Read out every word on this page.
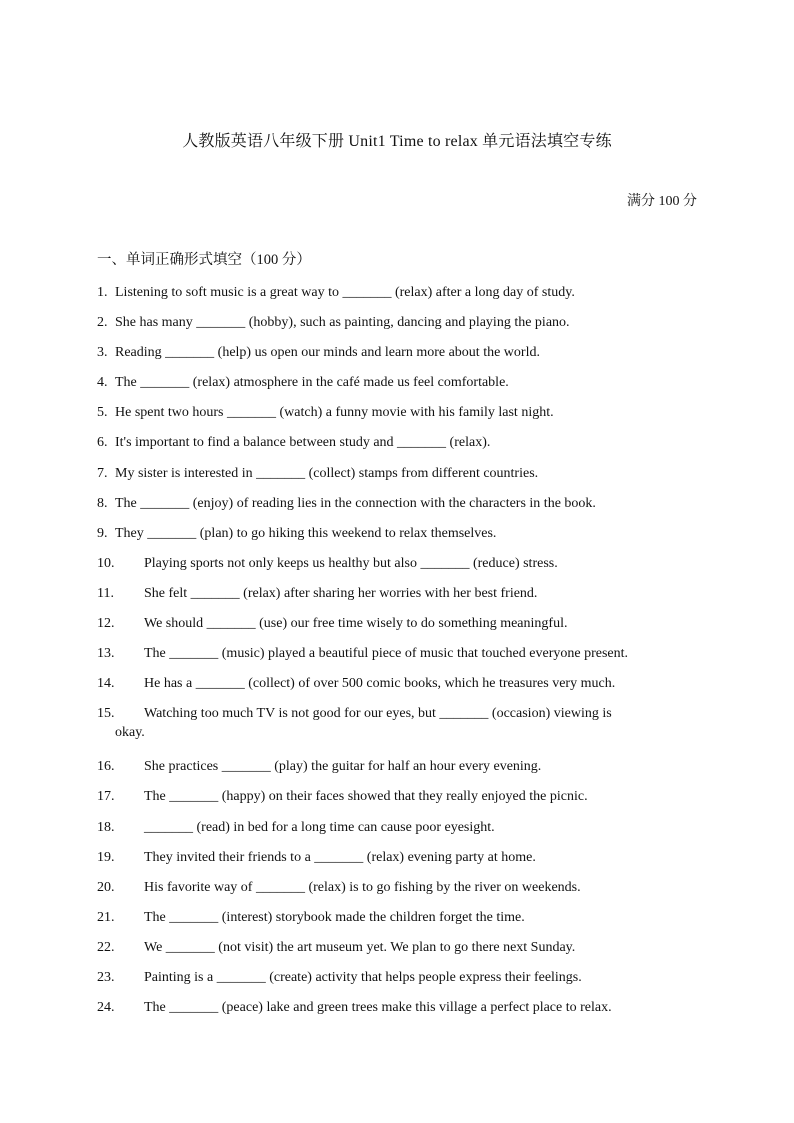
人教版英语八年级下册 Unit1 Time to relax 单元语法填空专练
满分 100 分
一、单词正确形式填空（100 分）
1. Listening to soft music is a great way to _______ (relax) after a long day of study.
2. She has many _______ (hobby), such as painting, dancing and playing the piano.
3. Reading _______ (help) us open our minds and learn more about the world.
4. The _______ (relax) atmosphere in the café made us feel comfortable.
5. He spent two hours _______ (watch) a funny movie with his family last night.
6. It's important to find a balance between study and _______ (relax).
7. My sister is interested in _______ (collect) stamps from different countries.
8. The _______ (enjoy) of reading lies in the connection with the characters in the book.
9. They _______ (plan) to go hiking this weekend to relax themselves.
10.	Playing sports not only keeps us healthy but also _______ (reduce) stress.
11.	She felt _______ (relax) after sharing her worries with her best friend.
12.	We should _______ (use) our free time wisely to do something meaningful.
13.	The _______ (music) played a beautiful piece of music that touched everyone present.
14.	He has a _______ (collect) of over 500 comic books, which he treasures very much.
15. Watching too much TV is not good for our eyes, but _______ (occasion) viewing is
okay.
16.	She practices _______ (play) the guitar for half an hour every evening.
17.	The _______ (happy) on their faces showed that they really enjoyed the picnic.
18.	_______ (read) in bed for a long time can cause poor eyesight.
19.	They invited their friends to a _______ (relax) evening party at home.
20.	His favorite way of _______ (relax) is to go fishing by the river on weekends.
21.	The _______ (interest) storybook made the children forget the time.
22.	We _______ (not visit) the art museum yet. We plan to go there next Sunday.
23.	Painting is a _______ (create) activity that helps people express their feelings.
24.	The _______ (peace) lake and green trees make this village a perfect place to relax.
